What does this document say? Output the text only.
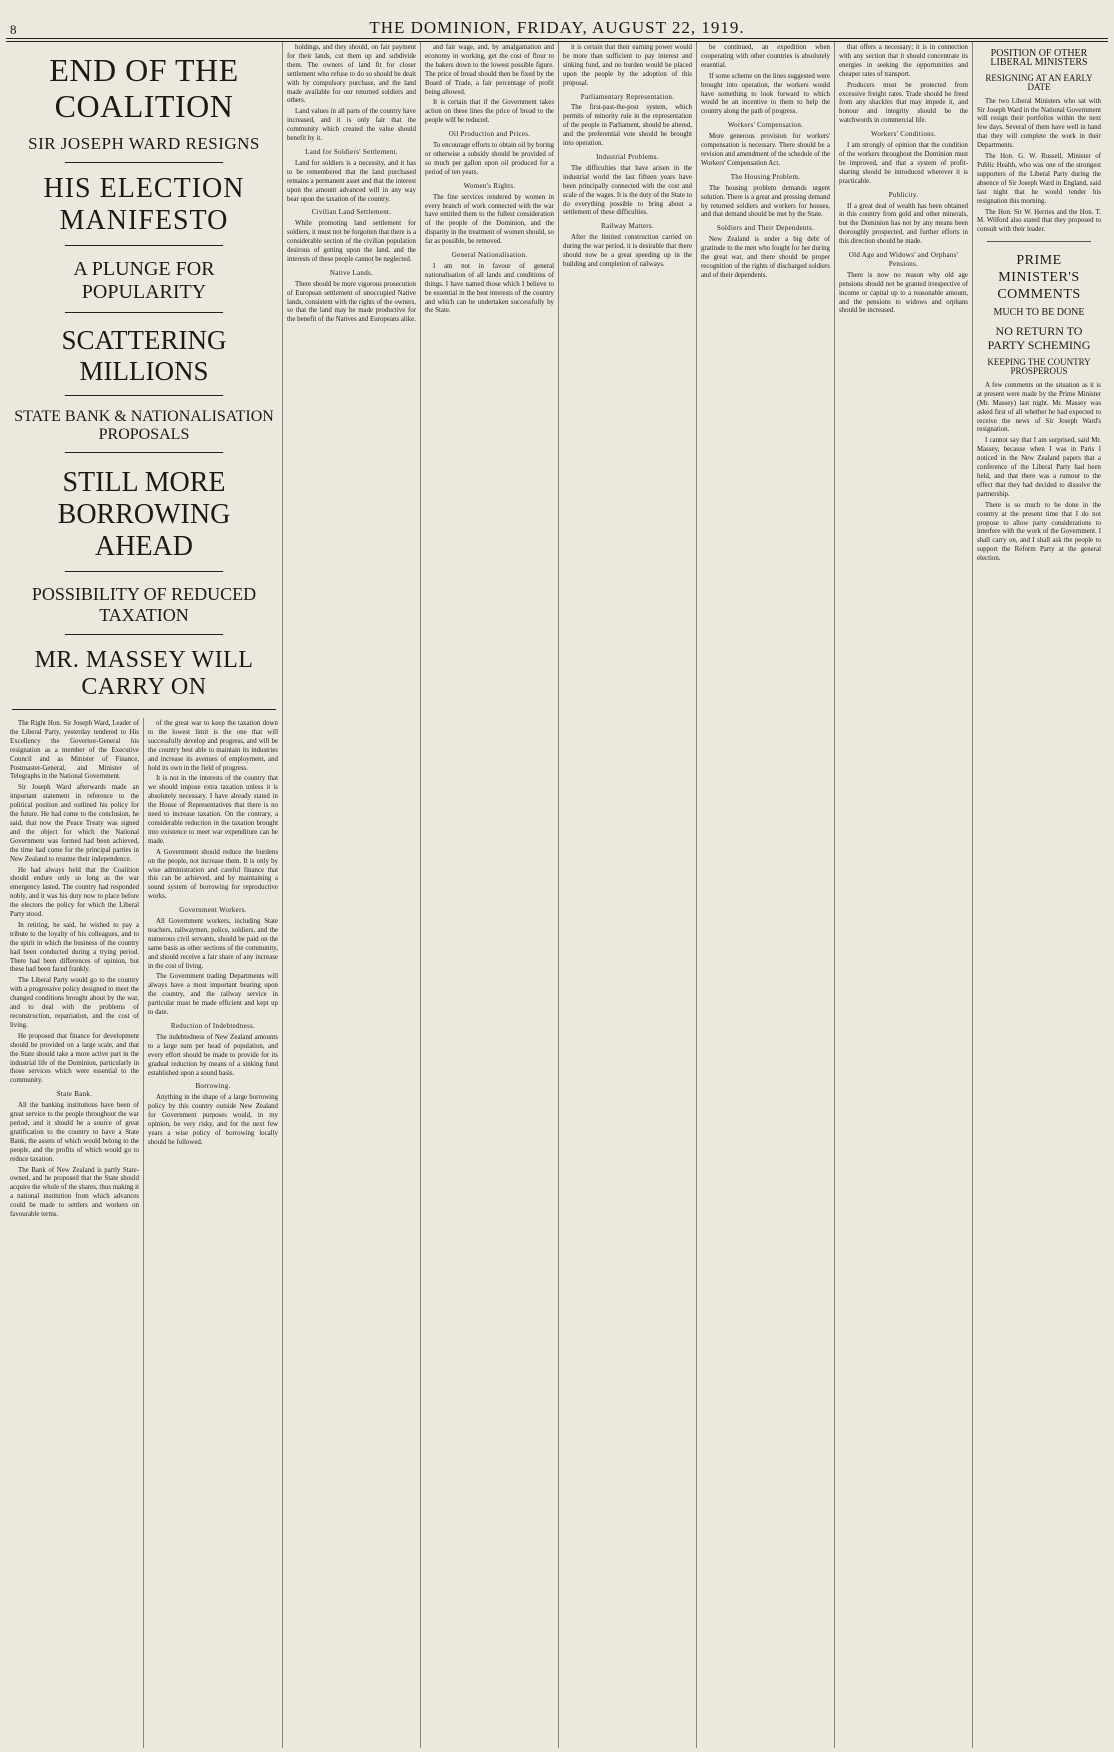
8	THE DOMINION, FRIDAY, AUGUST 22, 1919.
END OF THE COALITION
SIR JOSEPH WARD RESIGNS
HIS ELECTION MANIFESTO
A PLUNGE FOR POPULARITY
SCATTERING MILLIONS
STATE BANK & NATIONALISATION PROPOSALS
STILL MORE BORROWING AHEAD
POSSIBILITY OF REDUCED TAXATION
MR. MASSEY WILL CARRY ON

The Right Hon. Sir Joseph Ward, Leader of the Liberal Party, yesterday tendered to His Excellency the Governor-General his resignation as a member of the Executive Council and as Minister of Finance, Postmaster-General, and Minister of Telegraphs in the National Government.

Sir Joseph Ward afterwards made an important statement in reference to the political position and outlined his policy for the future. He had come to the conclusion, he said, that now the Peace Treaty was signed and the object for which the National Government was formed had been achieved, the time had come for the principal parties in New Zealand to resume their independence.

He had always held that the Coalition should endure only so long as the war emergency lasted. The country had responded nobly, and it was his duty now to place before the electors the policy for which the Liberal Party stood.

In retiring, he said, he wished to pay a tribute to the loyalty of his colleagues, and to the spirit in which the business of the country had been conducted during a trying period. There had been differences of opinion, but these had been faced frankly.

The Liberal Party would go to the country with a progressive policy designed to meet the changed conditions brought about by the war, and to deal with the problems of reconstruction, repatriation, and the cost of living.

He proposed that finance for development should be provided on a large scale, and that the State should take a more active part in the industrial life of the Dominion, particularly in those services which were essential to the community.

State Bank.

All the banking institutions have been of great service to the people throughout the war period, and it should be a source of great gratification to the country to have a State Bank, the assets of which would belong to the people, and the profits of which would go to reduce taxation.

The Bank of New Zealand is partly State-owned, and he proposed that the State should acquire the whole of the shares, thus making it a national institution from which advances could be made to settlers and workers on favourable terms.

of the great war to keep the taxation down to the lowest limit is the one that will successfully develop and progress, and will be the country best able to maintain its industries and increase its avenues of employment, and hold its own in the field of progress.

It is not in the interests of the country that we should impose extra taxation unless it is absolutely necessary. I have already stated in the House of Representatives that there is no need to increase taxation. On the contrary, a considerable reduction in the taxation brought into existence to meet war expenditure can be made.

A Government should reduce the burdens on the people, not increase them. It is only by wise administration and careful finance that this can be achieved, and by maintaining a sound system of borrowing for reproductive works.

Government Workers.

All Government workers, including State teachers, railwaymen, police, soldiers, and the numerous civil servants, should be paid on the same basis as other sections of the community, and should receive a fair share of any increase in the cost of living.

The Government trading Departments will always have a most important bearing upon the country, and the railway service in particular must be made efficient and kept up to date.

Reduction of Indebtedness.

The indebtedness of New Zealand amounts to a large sum per head of population, and every effort should be made to provide for its gradual reduction by means of a sinking fund established upon a sound basis.

Borrowing.

Anything in the shape of a large borrowing policy by this country outside New Zealand for Government purposes would, in my opinion, be very risky, and for the next few years a wise policy of borrowing locally should be followed.

holdings, and they should, on fair payment for their lands, cut them up and subdivide them. The owners of land fit for closer settlement who refuse to do so should be dealt with by compulsory purchase, and the land made available for our returned soldiers and others.

Land values in all parts of the country have increased, and it is only fair that the community which created the value should benefit by it.

Land for Soldiers' Settlement.

Land for soldiers is a necessity, and it has to be remembered that the land purchased remains a permanent asset and that the interest upon the amount advanced will in any way bear upon the taxation of the country.

Civilian Land Settlement.

While promoting land settlement for soldiers, it must not be forgotten that there is a considerable section of the civilian population desirous of getting upon the land, and the interests of these people cannot be neglected.

Native Lands.

There should be more vigorous prosecution of European settlement of unoccupied Native lands, consistent with the rights of the owners, so that the land may be made productive for the benefit of the Natives and Europeans alike.

and fair wage, and, by amalgamation and economy in working, get the cost of flour to the bakers down to the lowest possible figure. The price of bread should then be fixed by the Board of Trade, a fair percentage of profit being allowed.

It is certain that if the Government takes action on these lines the price of bread to the people will be reduced.

Oil Production and Prices.

To encourage efforts to obtain oil by boring or otherwise a subsidy should be provided of so much per gallon upon oil produced for a period of ten years.

Women's Rights.

The fine services rendered by women in every branch of work connected with the war have entitled them to the fullest consideration of the people of the Dominion, and the disparity in the treatment of women should, so far as possible, be removed.

General Nationalisation.

I am not in favour of general nationalisation of all lands and conditions of things. I have named those which I believe to be essential in the best interests of the country and which can be undertaken successfully by the State.

it is certain that their earning power would be more than sufficient to pay interest and sinking fund, and no burden would be placed upon the people by the adoption of this proposal.

Parliamentary Representation.

The first-past-the-post system, which permits of minority rule in the representation of the people in Parliament, should be altered, and the preferential vote should be brought into operation.

Industrial Problems.

The difficulties that have arisen in the industrial world the last fifteen years have been principally connected with the cost and scale of the wages. It is the duty of the State to do everything possible to bring about a settlement of these difficulties.

Railway Matters.

After the limited construction carried on during the war period, it is desirable that there should now be a great speeding up in the building and completion of railways.

be continued, an expedition when cooperating with other countries is absolutely essential.

If some scheme on the lines suggested were brought into operation, the workers would have something to look forward to which would be an incentive to them to help the country along the path of progress.

Workers' Compensation.

More generous provision for workers' compensation is necessary. There should be a revision and amendment of the schedule of the Workers' Compensation Act.

The Housing Problem.

The housing problem demands urgent solution. There is a great and pressing demand by returned soldiers and workers for houses, and that demand should be met by the State.

Soldiers and Their Dependents.

New Zealand is under a big debt of gratitude to the men who fought for her during the great war, and there should be proper recognition of the rights of discharged soldiers and of their dependents.

that offers a necessary; it is in connection with any section that it should concentrate its energies in seeking the opportunities and cheaper rates of transport.

Producers must be protected from excessive freight rates. Trade should be freed from any shackles that may impede it, and honour and integrity should be the watchwords in commercial life.

Workers' Conditions.

I am strongly of opinion that the condition of the workers throughout the Dominion must be improved, and that a system of profit-sharing should be introduced wherever it is practicable.

Publicity.

If a great deal of wealth has been obtained in this country from gold and other minerals, but the Dominion has not by any means been thoroughly prospected, and further efforts in this direction should be made.

Old Age and Widows' and Orphans' Pensions.

There is now no reason why old age pensions should not be granted irrespective of income or capital up to a reasonable amount, and the pensions to widows and orphans should be increased.

POSITION OF OTHER LIBERAL MINISTERS
RESIGNING AT AN EARLY DATE

The two Liberal Ministers who sat with Sir Joseph Ward in the National Government will resign their portfolios within the next few days. Several of them have well in hand that they will complete the work in their Departments.

The Hon. G. W. Russell, Minister of Public Health, who was one of the strongest supporters of the Liberal Party during the absence of Sir Joseph Ward in England, said last night that he would tender his resignation this morning.

The Hon. Sir W. Herries and the Hon. T. M. Wilford also stated that they proposed to consult with their leader.

PRIME MINISTER'S COMMENTS
MUCH TO BE DONE
NO RETURN TO PARTY SCHEMING
KEEPING THE COUNTRY PROSPEROUS

A few comments on the situation as it is at present were made by the Prime Minister (Mr. Massey) last night. Mr. Massey was asked first of all whether he had expected to receive the news of Sir Joseph Ward's resignation.

I cannot say that I am surprised, said Mr. Massey, because when I was in Paris I noticed in the New Zealand papers that a conference of the Liberal Party had been held, and that there was a rumour to the effect that they had decided to dissolve the partnership.

There is so much to be done in the country at the present time that I do not propose to allow party considerations to interfere with the work of the Government. I shall carry on, and I shall ask the people to support the Reform Party at the general election.
